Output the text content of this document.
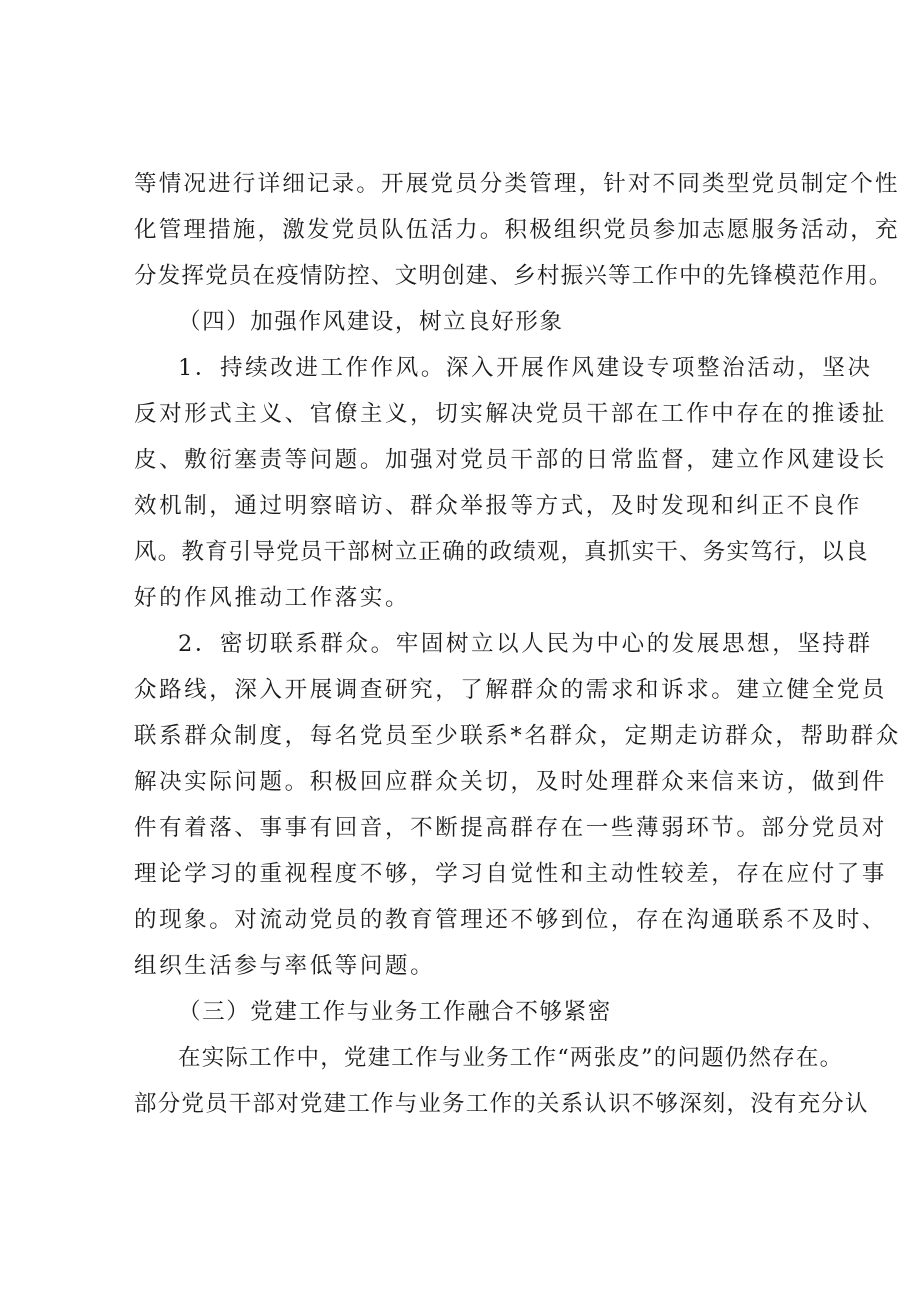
等情况进行详细记录。开展党员分类管理，针对不同类型党员制定个性
化管理措施，激发党员队伍活力。积极组织党员参加志愿服务活动，充
分发挥党员在疫情防控、文明创建、乡村振兴等工作中的先锋模范作用。
（四）加强作风建设，树立良好形象
1．持续改进工作作风。深入开展作风建设专项整治活动，坚决
反对形式主义、官僚主义，切实解决党员干部在工作中存在的推诿扯
皮、敷衍塞责等问题。加强对党员干部的日常监督，建立作风建设长
效机制，通过明察暗访、群众举报等方式，及时发现和纠正不良作
风。教育引导党员干部树立正确的政绩观，真抓实干、务实笃行，以良
好的作风推动工作落实。
2．密切联系群众。牢固树立以人民为中心的发展思想，坚持群
众路线，深入开展调查研究，了解群众的需求和诉求。建立健全党员
联系群众制度，每名党员至少联系*名群众，定期走访群众，帮助群众
解决实际问题。积极回应群众关切，及时处理群众来信来访，做到件
件有着落、事事有回音，不断提高群存在一些薄弱环节。部分党员对
理论学习的重视程度不够，学习自觉性和主动性较差，存在应付了事
的现象。对流动党员的教育管理还不够到位，存在沟通联系不及时、
组织生活参与率低等问题。
（三）党建工作与业务工作融合不够紧密
在实际工作中，党建工作与业务工作“两张皮”的问题仍然存在。
部分党员干部对党建工作与业务工作的关系认识不够深刻，没有充分认
